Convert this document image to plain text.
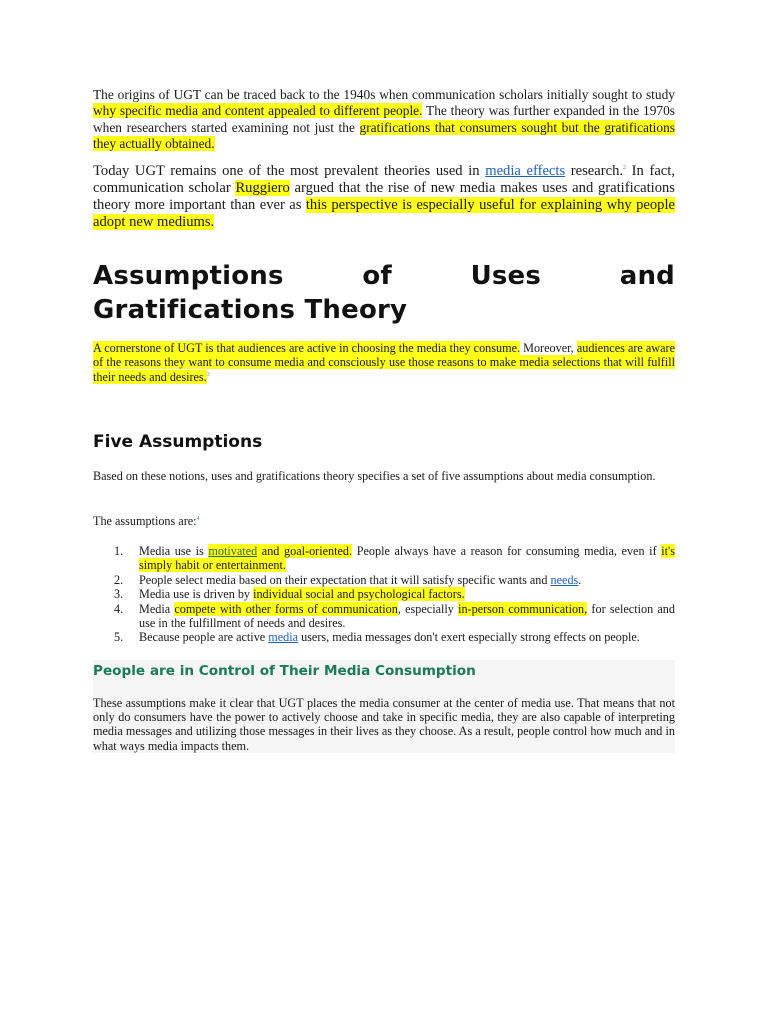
The origins of UGT can be traced back to the 1940s when communication scholars initially sought to study why specific media and content appealed to different people. The theory was further expanded in the 1970s when researchers started examining not just the gratifications that consumers sought but the gratifications they actually obtained.

Today UGT remains one of the most prevalent theories used in media effects research.$^2$ In fact, communication scholar Ruggiero argued that the rise of new media makes uses and gratifications theory more important than ever as this perspective is especially useful for explaining why people adopt new mediums.

Assumptions of Uses and Gratifications Theory

A cornerstone of UGT is that audiences are active in choosing the media they consume. Moreover, audiences are aware of the reasons they want to consume media and consciously use those reasons to make media selections that will fulfill their needs and desires.$^3$

Five Assumptions

Based on these notions, uses and gratifications theory specifies a set of five assumptions about media consumption.

The assumptions are:$^4$

1. Media use is motivated and goal-oriented. People always have a reason for consuming media, even if it's simply habit or entertainment.
2. People select media based on their expectation that it will satisfy specific wants and needs.
3. Media use is driven by individual social and psychological factors.
4. Media compete with other forms of communication, especially in-person communication, for selection and use in the fulfillment of needs and desires.
5. Because people are active media users, media messages don't exert especially strong effects on people.
People are in Control of Their Media Consumption

These assumptions make it clear that UGT places the media consumer at the center of media use. That means that not only do consumers have the power to actively choose and take in specific media, they are also capable of interpreting media messages and utilizing those messages in their lives as they choose. As a result, people control how much and in what ways media impacts them.
